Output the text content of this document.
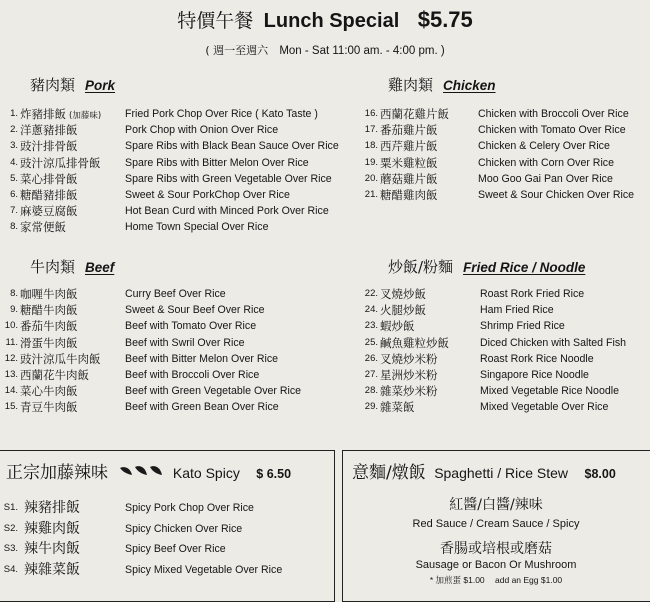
特價午餐 Lunch Special $5.75
( 週一至週六 Mon - Sat 11:00 am. - 4:00 pm. )
豬肉類 Pork
1. 炸豬排飯 (加藤味) Fried Pork Chop Over Rice ( Kato Taste )
2. 洋蔥豬排飯	Pork Chop with Onion Over Rice
3. 豉汁排骨飯	Spare Ribs with Black Bean Sauce Over Rice
4. 豉汁涼瓜排骨飯 Spare Ribs with Bitter Melon Over Rice
5. 菜心排骨飯	Spare Ribs with Green Vegetable Over Rice
6. 糖醋豬排飯	Sweet & Sour PorkChop Over Rice
7. 麻婆豆腐飯	Hot Bean Curd with Minced Pork Over Rice
8. 家常便飯	Home Town Special Over Rice
雞肉類 Chicken
16. 西蘭花雞片飯	Chicken with Broccoli Over Rice
17. 番茄雞片飯	Chicken with Tomato Over Rice
18. 西芹雞片飯	Chicken & Celery Over Rice
19. 粟米雞粒飯	Chicken with Corn Over Rice
20. 蘑菇雞片飯	Moo Goo Gai Pan Over Rice
21. 糖醋雞肉飯	Sweet & Sour Chicken Over Rice
牛肉類 Beef
8. 咖喱牛肉飯	Curry Beef Over Rice
9. 糖醋牛肉飯	Sweet & Sour Beef Over Rice
10. 番茄牛肉飯	Beef with Tomato Over Rice
11. 滑蛋牛肉飯	Beef with Swril Over Rice
12. 豉汁涼瓜牛肉飯 Beef with Bitter Melon Over Rice
13. 西蘭花牛肉飯	Beef with Broccoli Over Rice
14. 菜心牛肉飯	Beef with Green Vegetable Over Rice
15. 青豆牛肉飯	Beef with Green Bean Over Rice
炒飯/粉麵 Fried Rice / Noodle
22. 叉燒炒飯	Roast Rork Fried Rice
24. 火腿炒飯	Ham Fried Rice
23. 蝦炒飯	Shrimp Fried Rice
25. 鹹魚雞粒炒飯	Diced Chicken with Salted Fish
26. 叉燒炒米粉	Roast Rork Rice Noodle
27. 星洲炒米粉	Singapore Rice Noodle
28. 雜菜炒米粉	Mixed Vegetable Rice Noodle
29. 雜菜飯	Mixed Vegetable Over Rice
正宗加藤辣味	Kato Spicy $ 6.50
S1. 辣豬排飯	Spicy Pork Chop Over Rice
S2. 辣雞肉飯	Spicy Chicken Over Rice
S3. 辣牛肉飯	Spicy Beef Over Rice
S4. 辣雜菜飯	Spicy Mixed Vegetable Over Rice
意麵/燉飯 Spaghetti / Rice Stew $8.00
紅醬/白醬/辣味
Red Sauce / Cream Sauce / Spicy
香腸或培根或磨菇
Sausage or Bacon Or Mushroom
* 加煎蛋 $1.00 add an Egg $1.00
